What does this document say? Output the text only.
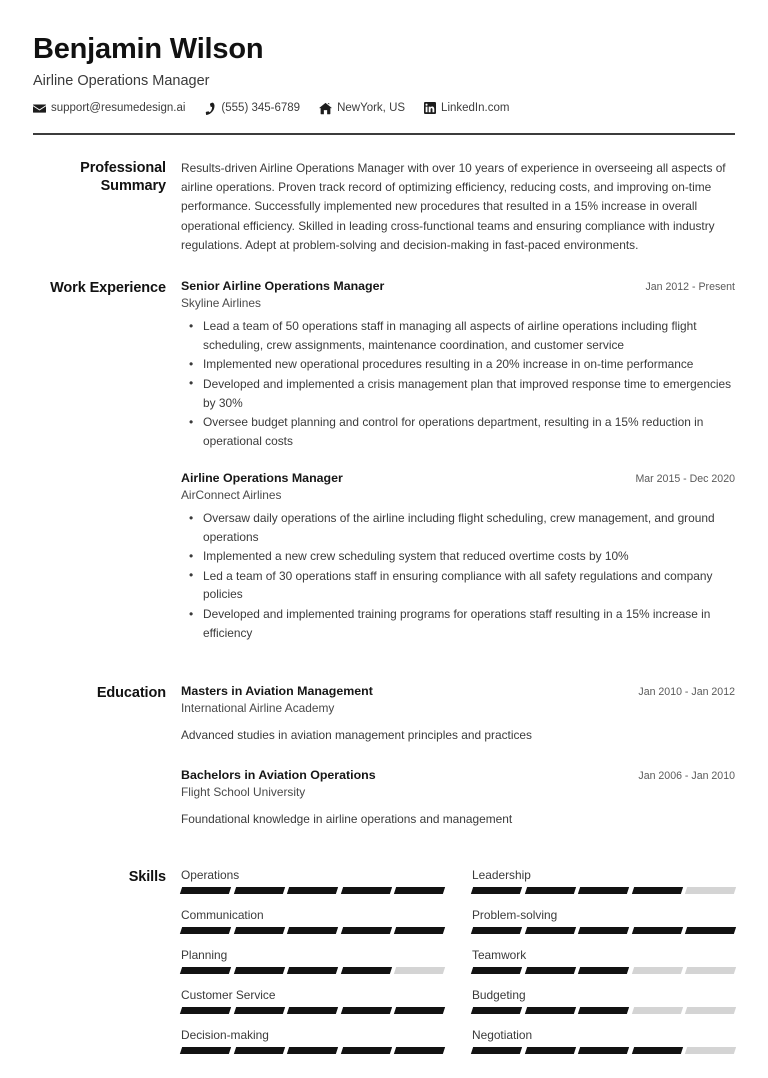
Benjamin Wilson
Airline Operations Manager
support@resumedesign.ai	(555) 345-6789	NewYork, US	LinkedIn.com
Professional Summary
Results-driven Airline Operations Manager with over 10 years of experience in overseeing all aspects of airline operations. Proven track record of optimizing efficiency, reducing costs, and improving on-time performance. Successfully implemented new procedures that resulted in a 15% increase in overall operational efficiency. Skilled in leading cross-functional teams and ensuring compliance with industry regulations. Adept at problem-solving and decision-making in fast-paced environments.
Work Experience	Senior Airline Operations Manager	Jan 2012 - Present
Skyline Airlines
• Lead a team of 50 operations staff in managing all aspects of airline operations including flight scheduling, crew assignments, maintenance coordination, and customer service
• Implemented new operational procedures resulting in a 20% increase in on-time performance
• Developed and implemented a crisis management plan that improved response time to emergencies by 30%
• Oversee budget planning and control for operations department, resulting in a 15% reduction in operational costs
Airline Operations Manager	Mar 2015 - Dec 2020
AirConnect Airlines
• Oversaw daily operations of the airline including flight scheduling, crew management, and ground operations
• Implemented a new crew scheduling system that reduced overtime costs by 10%
• Led a team of 30 operations staff in ensuring compliance with all safety regulations and company policies
• Developed and implemented training programs for operations staff resulting in a 15% increase in efficiency
Education	Masters in Aviation Management	Jan 2010 - Jan 2012
International Airline Academy
Advanced studies in aviation management principles and practices
Bachelors in Aviation Operations	Jan 2006 - Jan 2010
Flight School University
Foundational knowledge in airline operations and management
Skills	Operations	Leadership
Communication	Problem-solving
Planning	Teamwork
Customer Service	Budgeting
Decision-making	Negotiation
